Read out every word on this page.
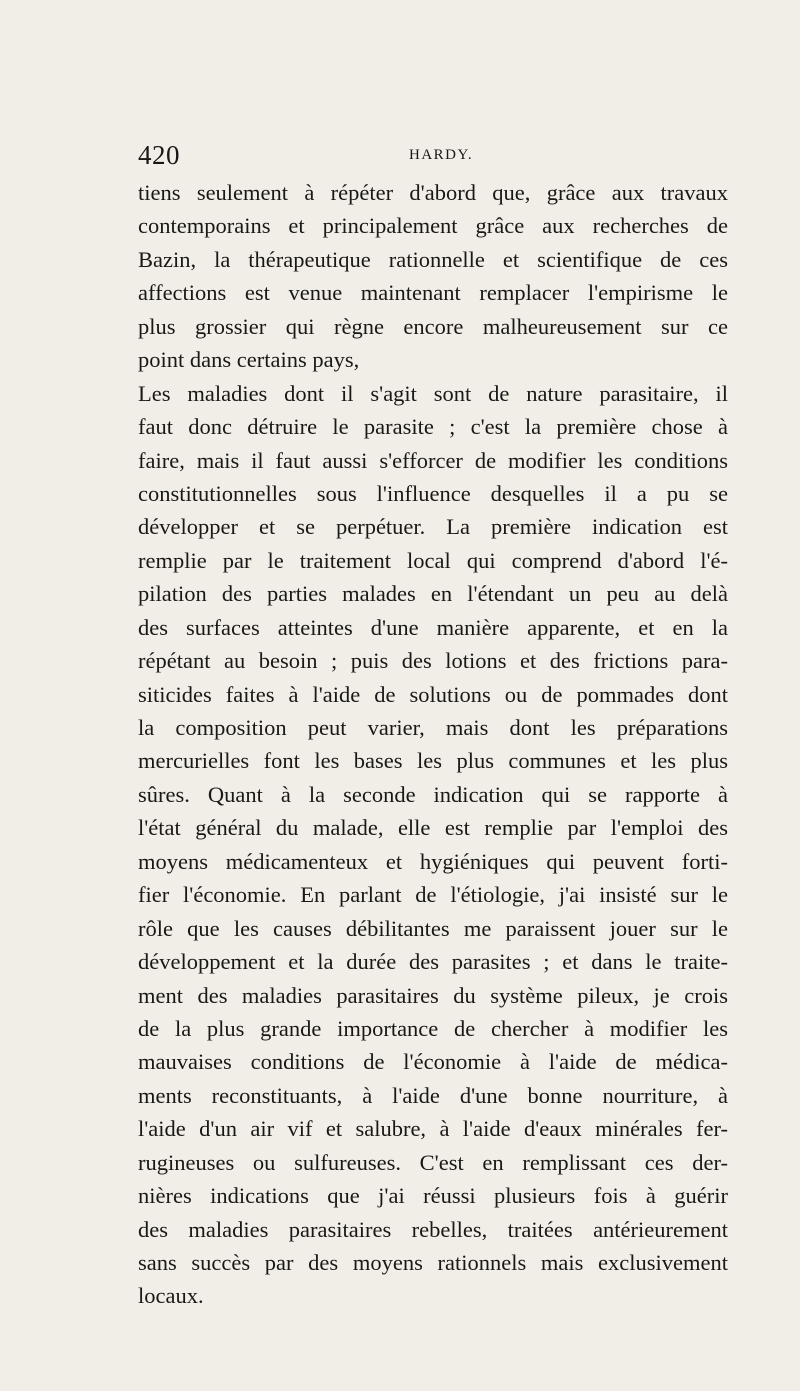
420	HARDY.
tiens seulement à répéter d'abord que, grâce aux travaux
contemporains et principalement grâce aux recherches de
Bazin, la thérapeutique rationnelle et scientifique de ces
affections est venue maintenant remplacer l'empirisme le
plus grossier qui règne encore malheureusement sur ce
point dans certains pays,
Les maladies dont il s'agit sont de nature parasitaire, il
faut donc détruire le parasite ; c'est la première chose à
faire, mais il faut aussi s'efforcer de modifier les conditions
constitutionnelles sous l'influence desquelles il a pu se
développer et se perpétuer. La première indication est
remplie par le traitement local qui comprend d'abord l'é-
pilation des parties malades en l'étendant un peu au delà
des surfaces atteintes d'une manière apparente, et en la
répétant au besoin ; puis des lotions et des frictions para-
siticides faites à l'aide de solutions ou de pommades dont
la composition peut varier, mais dont les préparations
mercurielles font les bases les plus communes et les plus
sûres. Quant à la seconde indication qui se rapporte à
l'état général du malade, elle est remplie par l'emploi des
moyens médicamenteux et hygiéniques qui peuvent forti-
fier l'économie. En parlant de l'étiologie, j'ai insisté sur le
rôle que les causes débilitantes me paraissent jouer sur le
développement et la durée des parasites ; et dans le traite-
ment des maladies parasitaires du système pileux, je crois
de la plus grande importance de chercher à modifier les
mauvaises conditions de l'économie à l'aide de médica-
ments reconstituants, à l'aide d'une bonne nourriture, à
l'aide d'un air vif et salubre, à l'aide d'eaux minérales fer-
rugineuses ou sulfureuses. C'est en remplissant ces der-
nières indications que j'ai réussi plusieurs fois à guérir
des maladies parasitaires rebelles, traitées antérieurement
sans succès par des moyens rationnels mais exclusivement
locaux.
